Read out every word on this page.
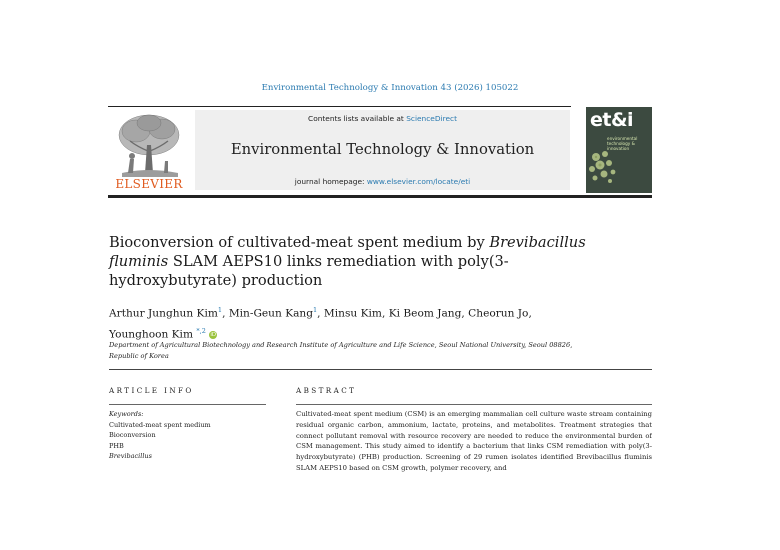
Environmental Technology & Innovation 43 (2026) 105022
ELSEVIER
Contents lists available at ScienceDirect
Environmental Technology & Innovation
journal homepage: www.elsevier.com/locate/eti
et&i
environmental technology & innovation
Bioconversion of cultivated-meat spent medium by Brevibacillus fluminis SLAM AEPS10 links remediation with poly(3-hydroxybutyrate) production
Arthur Junghun Kim$^1$, Min-Geun Kang$^1$, Minsu Kim, Ki Beom Jang, Cheorun Jo, Younghoon Kim $^{*,2}$ iD
Department of Agricultural Biotechnology and Research Institute of Agriculture and Life Science, Seoul National University, Seoul 08826, Republic of Korea
ARTICLE INFO	ABSTRACT
Keywords:
Cultivated-meat spent medium
Bioconversion
PHB
Brevibacillus
Cultivated-meat spent medium (CSM) is an emerging mammalian cell culture waste stream containing residual organic carbon, ammonium, lactate, proteins, and metabolites. Treatment strategies that connect pollutant removal with resource recovery are needed to reduce the environmental burden of CSM management. This study aimed to identify a bacterium that links CSM remediation with poly(3-hydroxybutyrate) (PHB) production. Screening of 29 rumen isolates identified Brevibacillus fluminis SLAM AEPS10 based on CSM growth, polymer recovery, and
